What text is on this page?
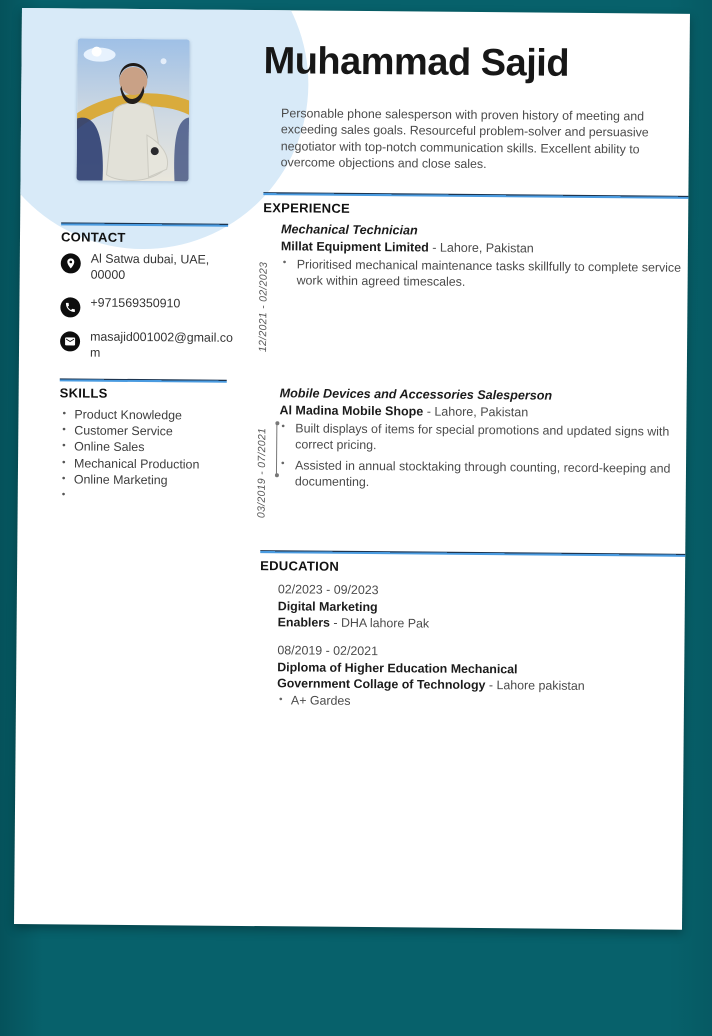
CONTACT
Al Satwa dubai, UAE, 00000
+971569350910
masajid001002@gmail.com
SKILLS
• Product Knowledge
• Customer Service
• Online Sales
• Mechanical Production
• Online Marketing
•
Muhammad Sajid
Personable phone salesperson with proven history of meeting and exceeding sales goals. Resourceful problem-solver and persuasive negotiator with top-notch communication skills. Excellent ability to overcome objections and close sales.
EXPERIENCE
Mechanical Technician
Millat Equipment Limited - Lahore, Pakistan
• Prioritised mechanical maintenance tasks skillfully to complete service work within agreed timescales.
12/2021 - 02/2023
Mobile Devices and Accessories Salesperson
Al Madina Mobile Shope - Lahore, Pakistan
• Built displays of items for special promotions and updated signs with correct pricing.
• Assisted in annual stocktaking through counting, record-keeping and documenting.
03/2019 - 07/2021
EDUCATION
02/2023 - 09/2023
Digital Marketing
Enablers - DHA lahore Pak
08/2019 - 02/2021
Diploma of Higher Education Mechanical
Government Collage of Technology - Lahore pakistan
• A+ Gardes
